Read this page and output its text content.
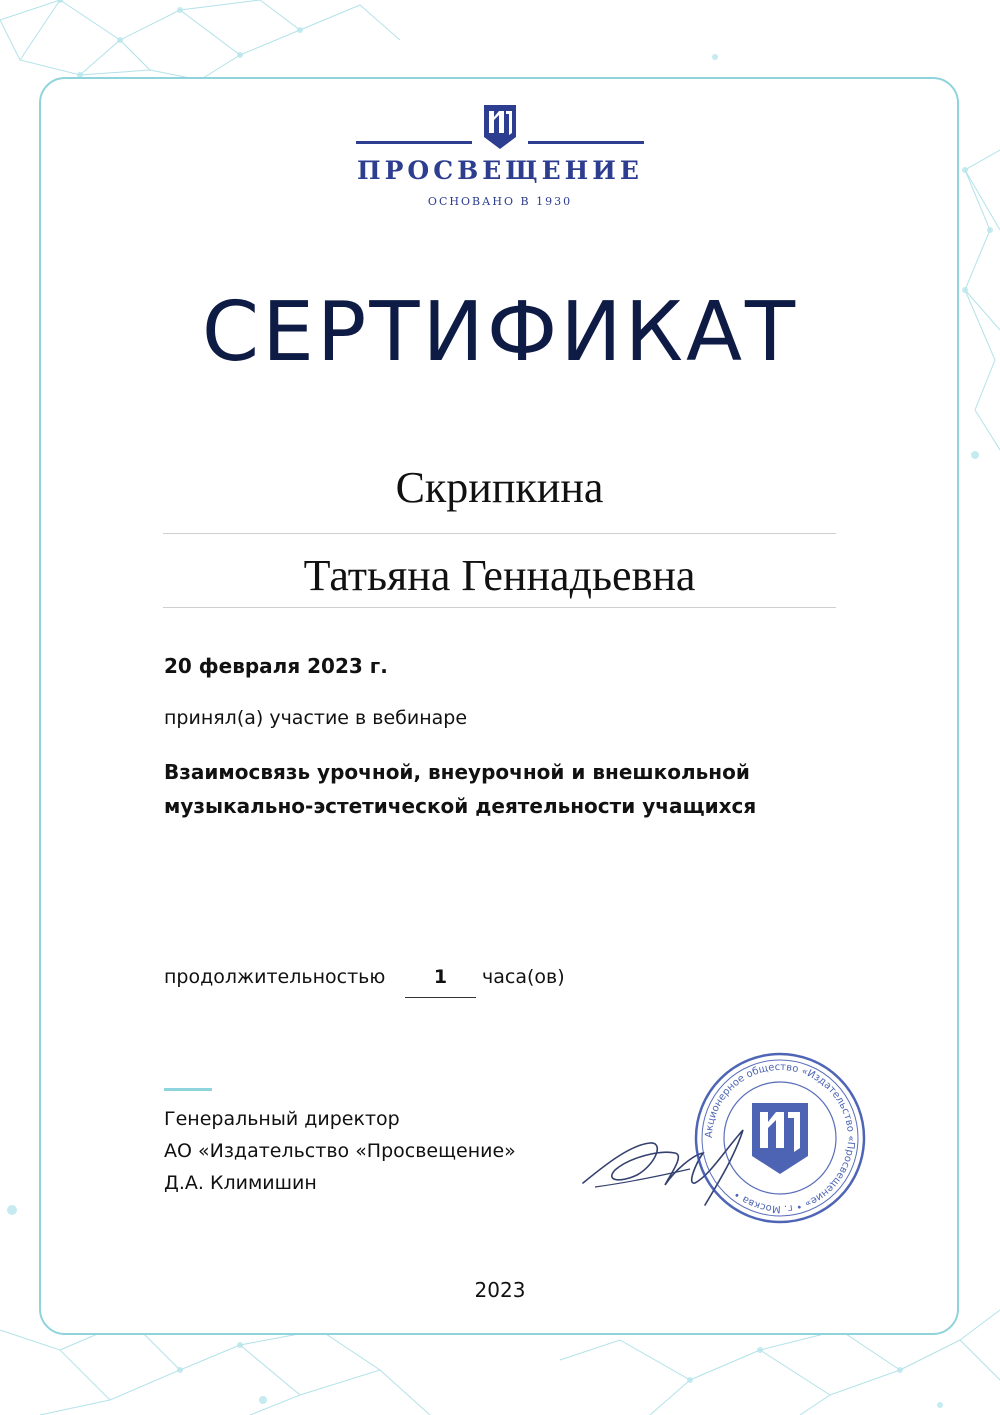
ПРОСВЕЩЕНИЕ
ОСНОВАНО В 1930
СЕРТИФИКАТ
Скрипкина
Татьяна Геннадьевна
20 февраля 2023 г.
принял(а) участие в вебинаре
Взаимосвязь урочной, внеурочной и внешкольной
музыкально-эстетической деятельности учащихся
продолжительностью	1	часа(ов)
Генеральный директор
АО «Издательство «Просвещение»
Д.А. Климишин
Акционерное общество «Издательство «Просвещение» • г. Москва •
2023
